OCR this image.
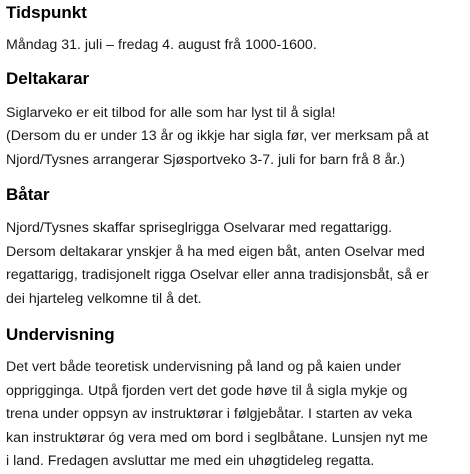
Tidspunkt

Måndag 31. juli – fredag 4. august frå 1000-1600.

Deltakarar

Siglarveko er eit tilbod for alle som har lyst til å sigla!
(Dersom du er under 13 år og ikkje har sigla før, ver merksam på at
Njord/Tysnes arrangerar Sjøsportveko 3-7. juli for barn frå 8 år.)

Båtar

Njord/Tysnes skaffar spriseglrigga Oselvarar med regattarigg.
Dersom deltakarar ynskjer å ha med eigen båt, anten Oselvar med
regattarigg, tradisjonelt rigga Oselvar eller anna tradisjonsbåt, så er
dei hjarteleg velkomne til å det.

Undervisning

Det vert både teoretisk undervisning på land og på kaien under
opprigginga. Utpå fjorden vert det gode høve til å sigla mykje og
trena under oppsyn av instruktørar i følgjebåtar. I starten av veka
kan instruktørar óg vera med om bord i seglbåtane. Lunsjen nyt me
i land. Fredagen avsluttar me med ein uhøgtideleg regatta.
